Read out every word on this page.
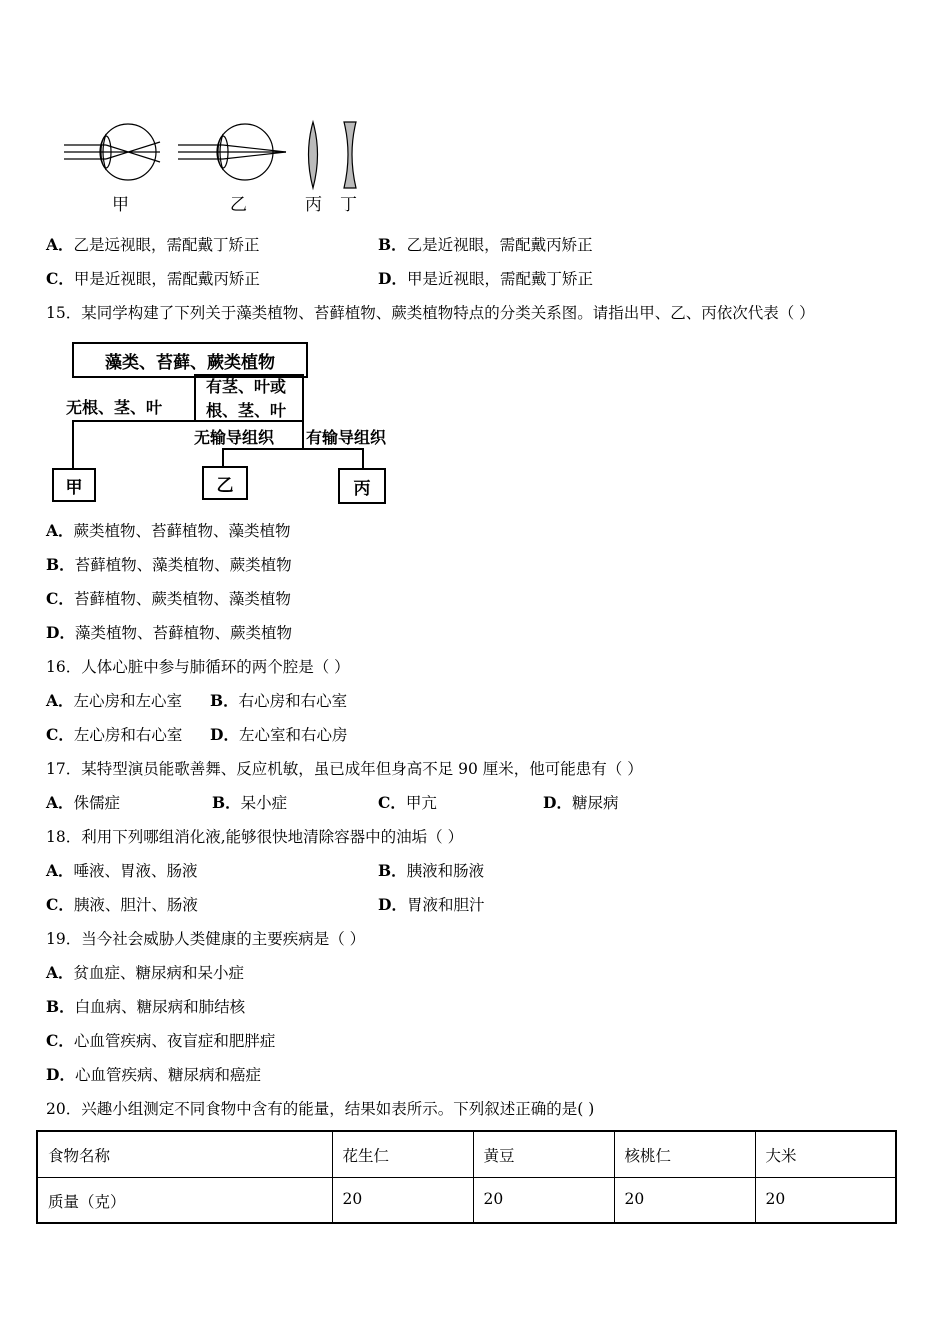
甲	乙	丙 丁
A．乙是远视眼，需配戴丁矫正	B．乙是近视眼，需配戴丙矫正
C．甲是近视眼，需配戴丙矫正	D．甲是近视眼，需配戴丁矫正
15．某同学构建了下列关于藻类植物、苔藓植物、蕨类植物特点的分类关系图。请指出甲、乙、丙依次代表（ ）
藻类、苔藓、蕨类植物
有茎、叶或
根、茎、叶
无根、茎、叶
无输导组织 有输导组织
甲	乙	丙
A．蕨类植物、苔藓植物、藻类植物
B．苔藓植物、藻类植物、蕨类植物
C．苔藓植物、蕨类植物、藻类植物
D．藻类植物、苔藓植物、蕨类植物
16．人体心脏中参与肺循环的两个腔是（ ）
A．左心房和左心室 B．右心房和右心室
C．左心房和右心室 D．左心室和右心房
17．某特型演员能歌善舞、反应机敏，虽已成年但身高不足 90 厘米，他可能患有（ ）
A．侏儒症	B．呆小症	C．甲亢	D．糖尿病
18．利用下列哪组消化液,能够很快地清除容器中的油垢（ ）
A．唾液、胃液、肠液	B．胰液和肠液
C．胰液、胆汁、肠液	D．胃液和胆汁
19．当今社会威胁人类健康的主要疾病是（ ）
A．贫血症、糖尿病和呆小症
B．白血病、糖尿病和肺结核
C．心血管疾病、夜盲症和肥胖症
D．心血管疾病、糖尿病和癌症
20．兴趣小组测定不同食物中含有的能量，结果如表所示。下列叙述正确的是( )
食物名称	花生仁	黄豆	核桃仁	大米
质量（克）	20	20	20	20
